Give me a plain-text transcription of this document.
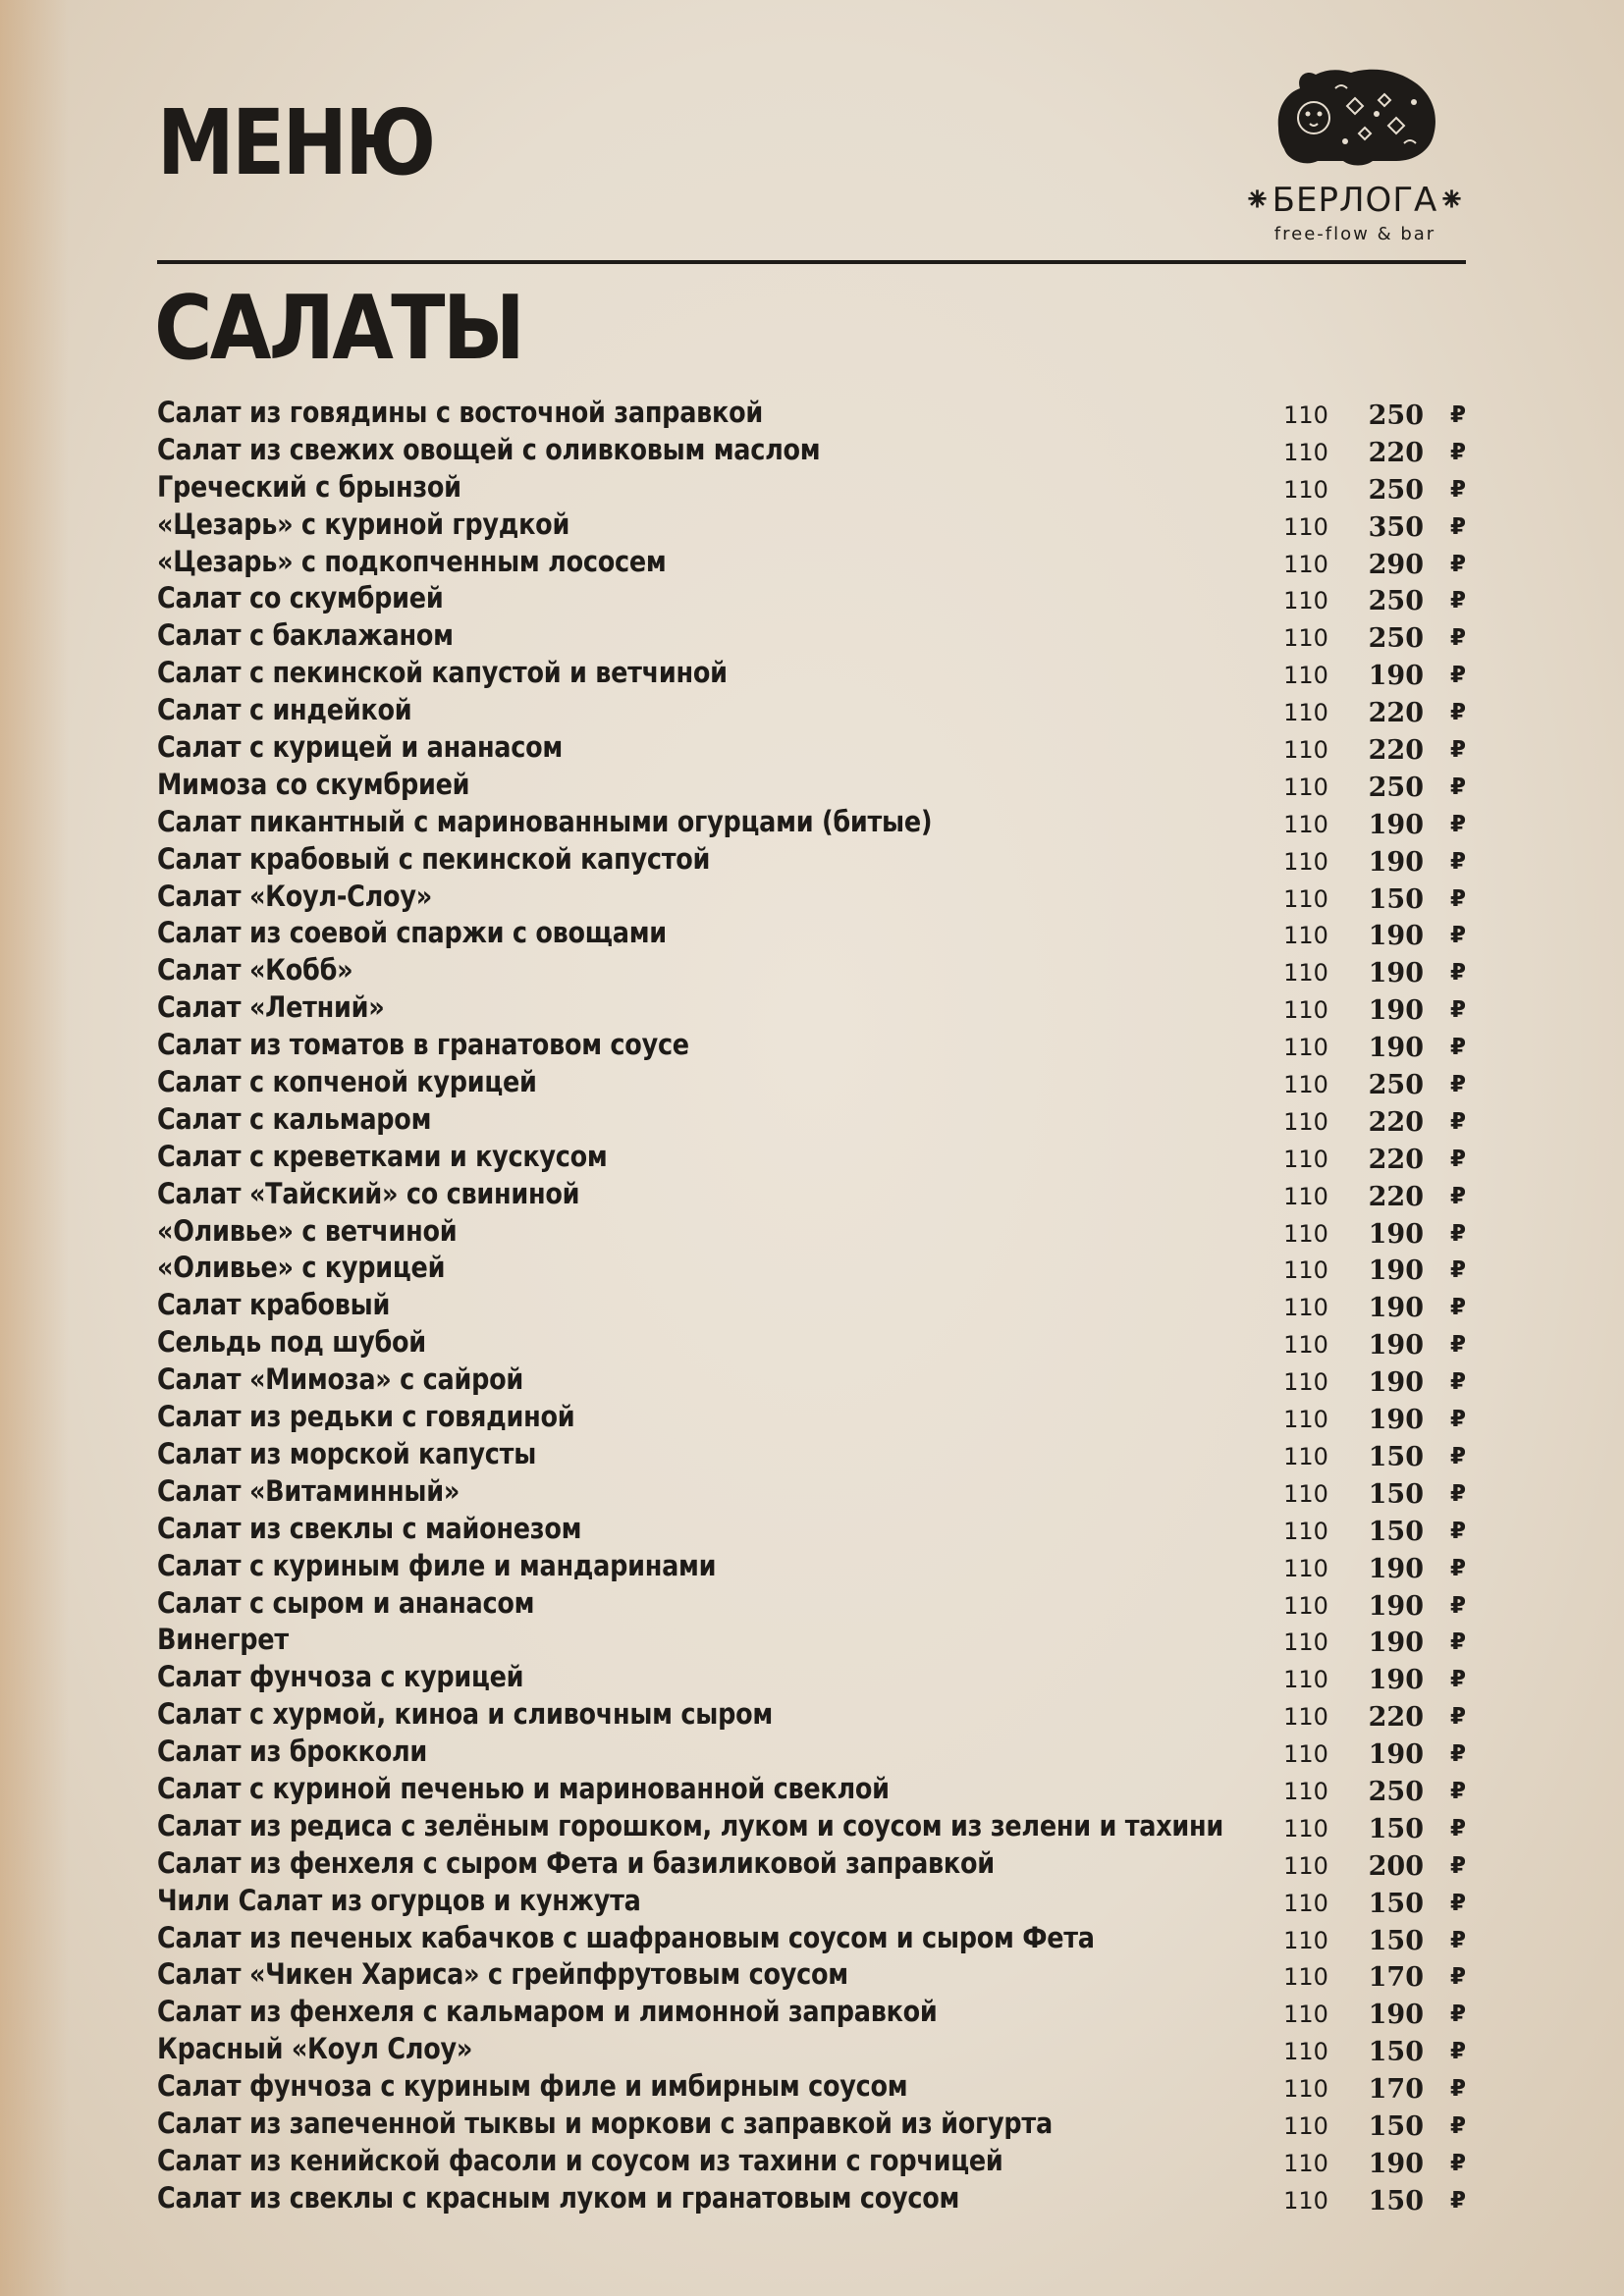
МЕНЮ
⁕БЕРЛОГА⁕
free-flow & bar
САЛАТЫ
Салат из говядины с восточной заправкой	110 250 ₽
Салат из свежих овощей с оливковым маслом	110 220 ₽
Греческий с брынзой	110 250 ₽
«Цезарь» с куриной грудкой	110 350 ₽
«Цезарь» с подкопченным лососем	110 290 ₽
Салат со скумбрией	110 250 ₽
Салат с баклажаном	110 250 ₽
Салат с пекинской капустой и ветчиной	110 190 ₽
Салат с индейкой	110 220 ₽
Салат с курицей и ананасом	110 220 ₽
Мимоза со скумбрией	110 250 ₽
Салат пикантный с маринованными огурцами (битые)	110 190 ₽
Салат крабовый с пекинской капустой	110 190 ₽
Салат «Коул-Слоу»	110 150 ₽
Салат из соевой спаржи с овощами	110 190 ₽
Салат «Кобб»	110 190 ₽
Салат «Летний»	110 190 ₽
Салат из томатов в гранатовом соусе	110 190 ₽
Салат с копченой курицей	110 250 ₽
Салат с кальмаром	110 220 ₽
Салат с креветками и кускусом	110 220 ₽
Салат «Тайский» со свининой	110 220 ₽
«Оливье» с ветчиной	110 190 ₽
«Оливье» с курицей	110 190 ₽
Салат крабовый	110 190 ₽
Сельдь под шубой	110 190 ₽
Салат «Мимоза» с сайрой	110 190 ₽
Салат из редьки с говядиной	110 190 ₽
Салат из морской капусты	110 150 ₽
Салат «Витаминный»	110 150 ₽
Салат из свеклы с майонезом	110 150 ₽
Салат с куриным филе и мандаринами	110 190 ₽
Салат с сыром и ананасом	110 190 ₽
Винегрет	110 190 ₽
Салат фунчоза с курицей	110 190 ₽
Салат с хурмой, киноа и сливочным сыром	110 220 ₽
Салат из брокколи	110 190 ₽
Салат с куриной печенью и маринованной свеклой	110 250 ₽
Салат из редиса с зелёным горошком, луком и соусом из зелени и тахини	110 150 ₽
Салат из фенхеля с сыром Фета и базиликовой заправкой	110 200 ₽
Чили Салат из огурцов и кунжута	110 150 ₽
Салат из печеных кабачков с шафрановым соусом и сыром Фета	110 150 ₽
Салат «Чикен Хариса» с грейпфрутовым соусом	110 170 ₽
Салат из фенхеля с кальмаром и лимонной заправкой	110 190 ₽
Красный «Коул Слоу»	110 150 ₽
Салат фунчоза с куриным филе и имбирным соусом	110 170 ₽
Салат из запеченной тыквы и моркови с заправкой из йогурта	110 150 ₽
Салат из кенийской фасоли и соусом из тахини с горчицей	110 190 ₽
Салат из свеклы с красным луком и гранатовым соусом	110 150 ₽
